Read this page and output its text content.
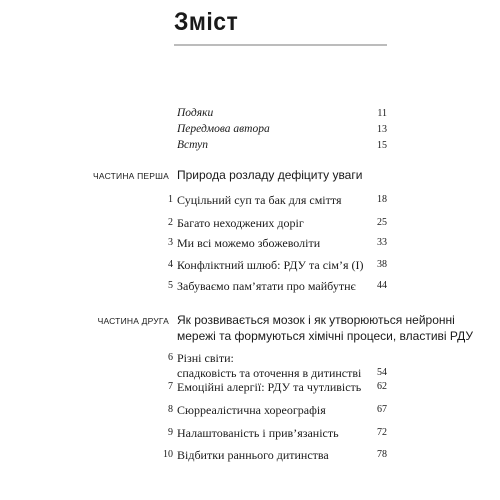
Зміст
Подяки	11
Передмова автора	13
Вступ	15
ЧАСТИНА ПЕРША Природа розладу дефіциту уваги
1 Суцільний суп та бак для сміття	18
2 Багато неходжених доріг	25
3 Ми всі можемо збожеволіти	33
4 Конфліктний шлюб: РДУ та сім’я (І) 38
5 Забуваємо пам’ятати про майбутнє 44
ЧАСТИНА ДРУГА Як розвивається мозок і як утворюються нейронні
мережі та формуються хімічні процеси, властиві РДУ
6 Різні світи:
спадковість та оточення в дитинстві 54
7 Емоційні алергії: РДУ та чутливість 62
8 Сюрреалістична хореографія	67
9 Налаштованість і прив’язаність	72
10 Відбитки раннього дитинства	78
